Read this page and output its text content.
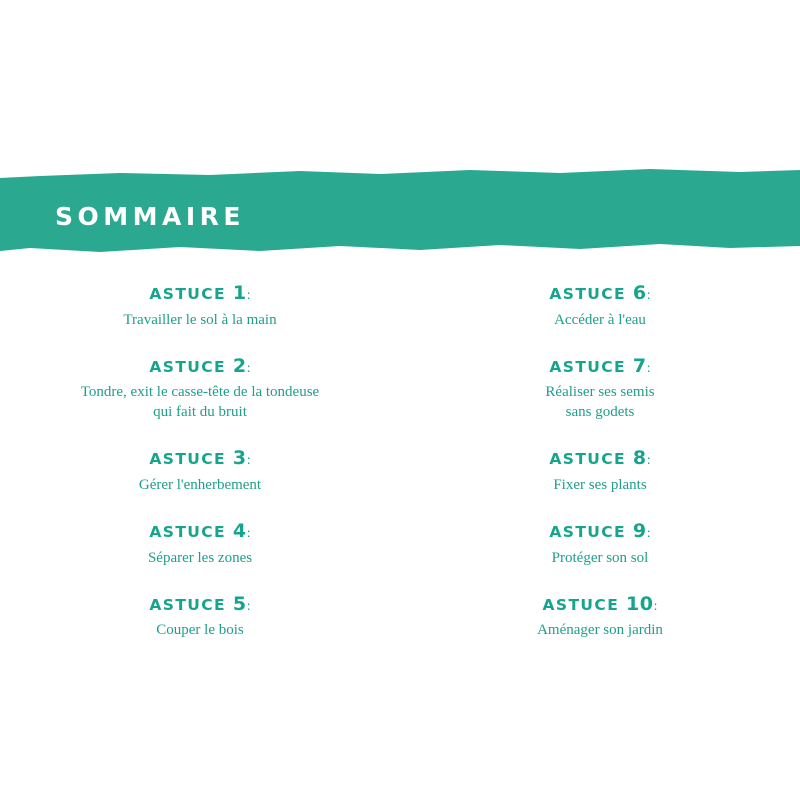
SOMMAIRE
ASTUCE 1:
Travailler le sol à la main
ASTUCE 2:
Tondre, exit le casse-tête de la tondeuse
qui fait du bruit
ASTUCE 3:
Gérer l'enherbement
ASTUCE 4:
Séparer les zones
ASTUCE 5:
Couper le bois
ASTUCE 6:
Accéder à l'eau
ASTUCE 7:
Réaliser ses semis
sans godets
ASTUCE 8:
Fixer ses plants
ASTUCE 9:
Protéger son sol
ASTUCE 10:
Aménager son jardin
